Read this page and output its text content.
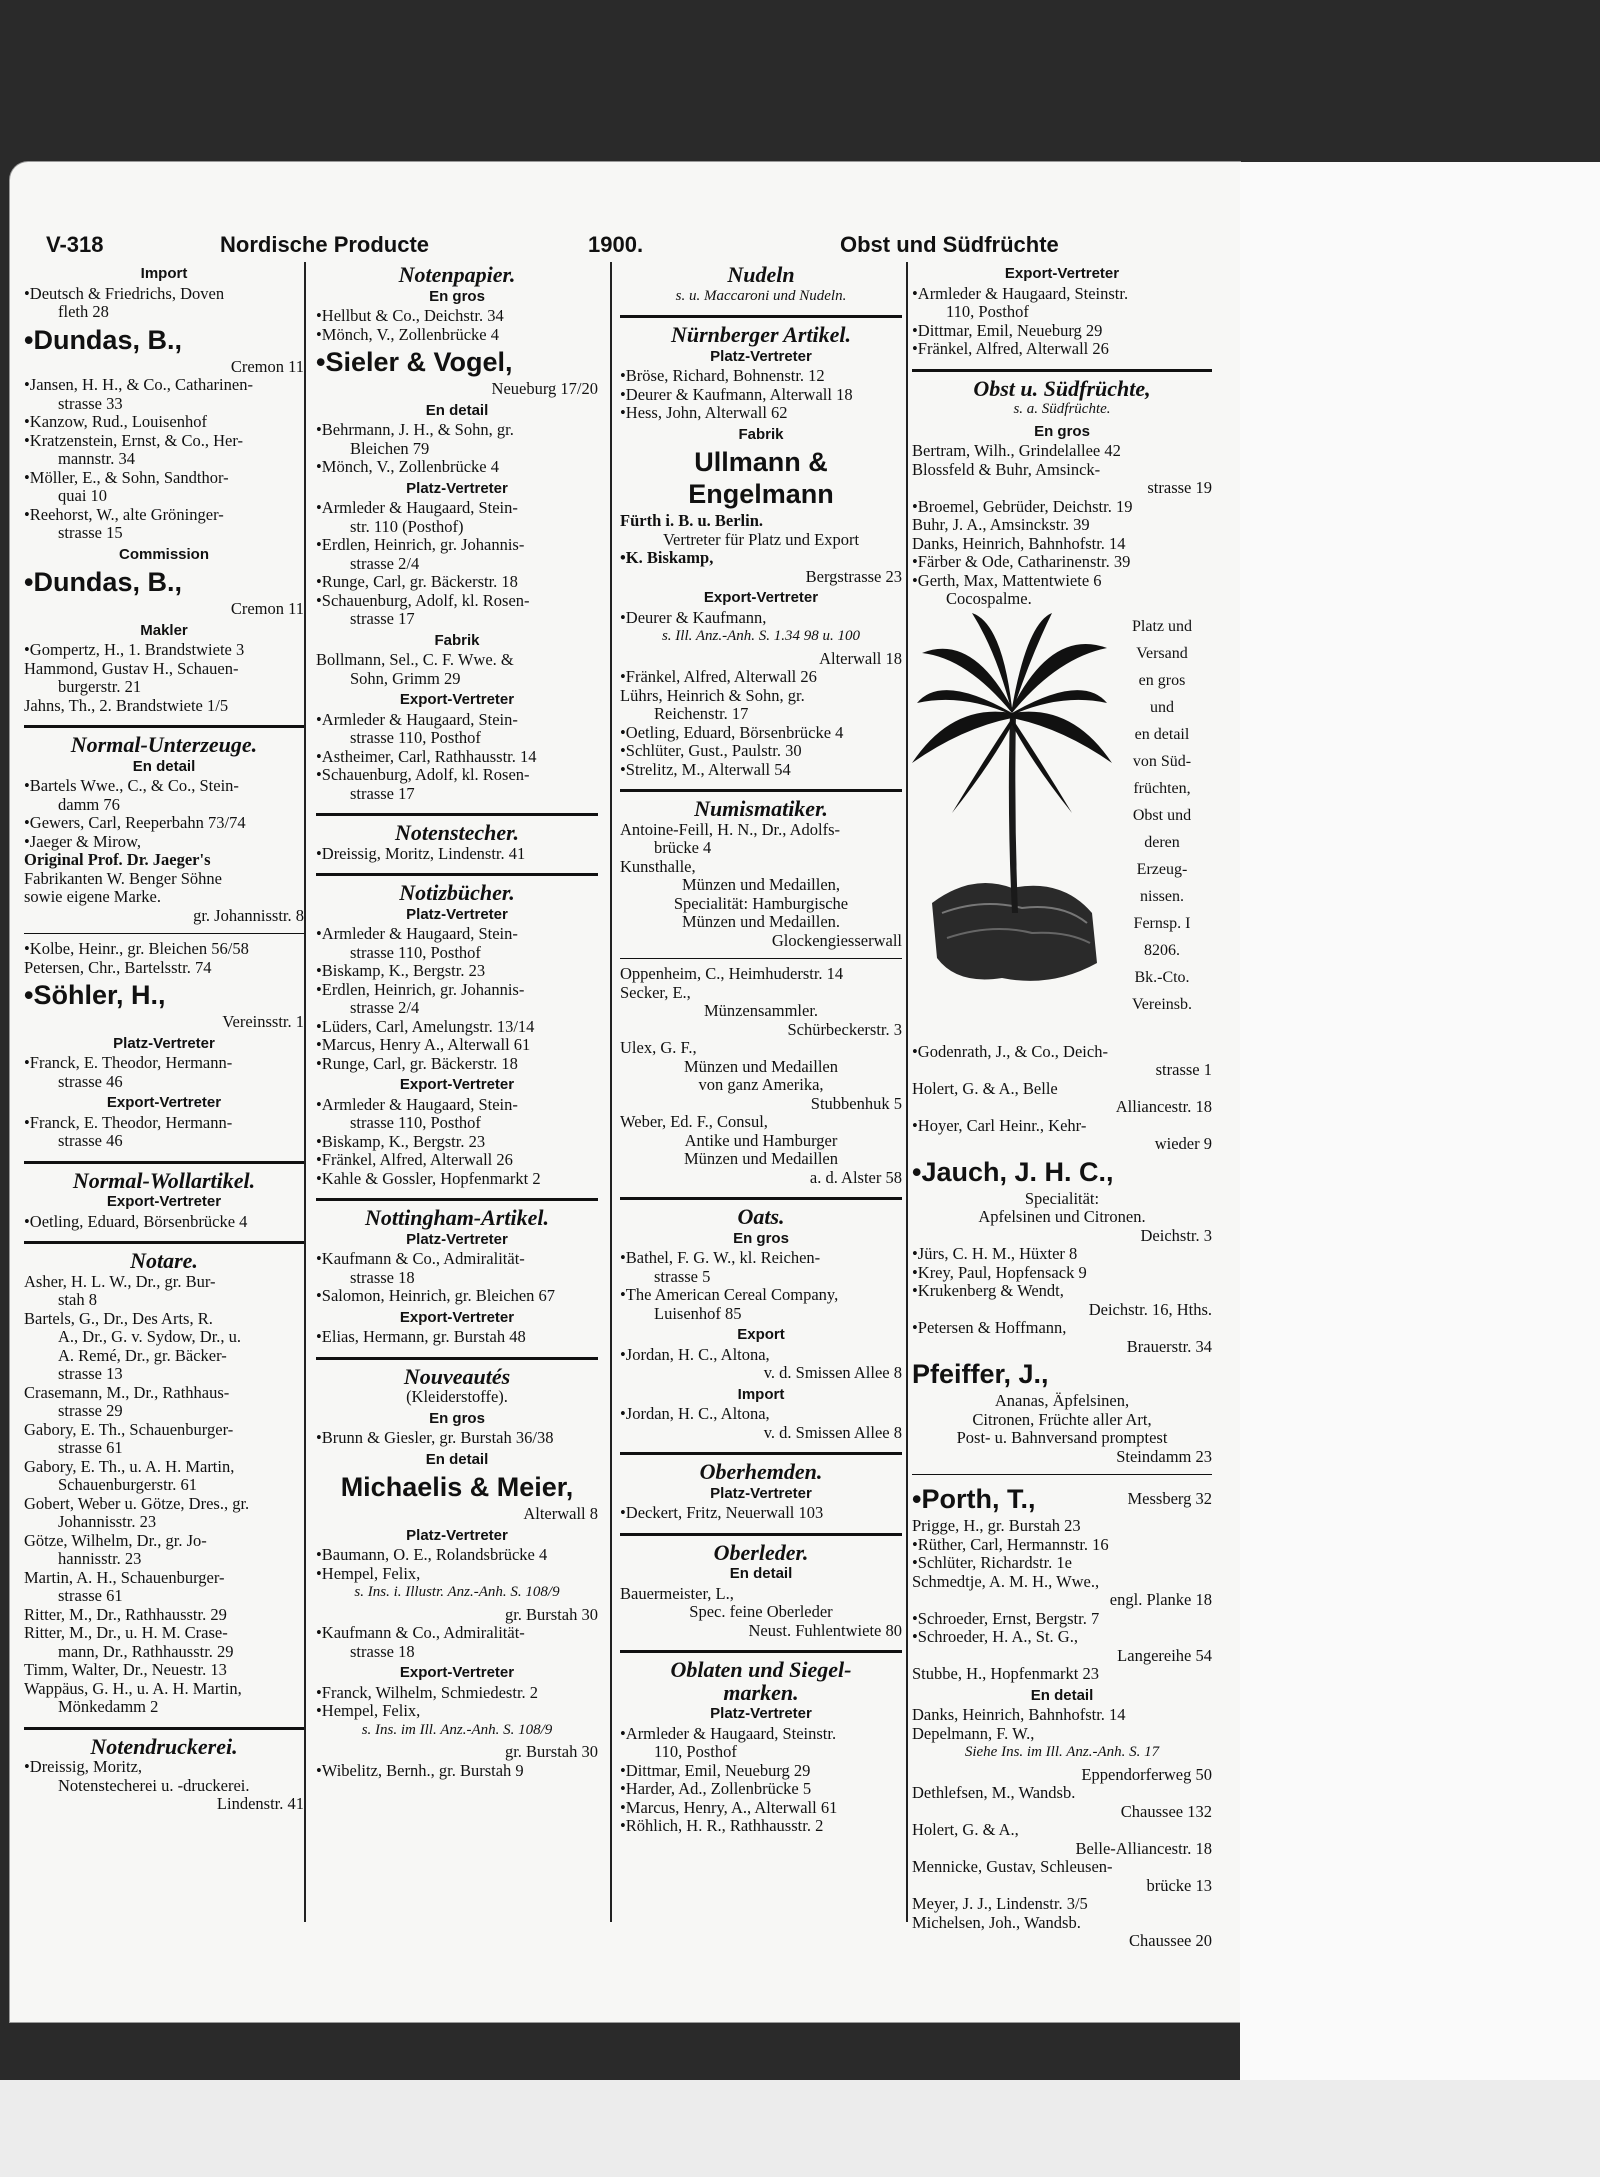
V-318	Nordische Producte	1900.	Obst und Südfrüchte
Import
•Deutsch & Friedrichs, Doven
fleth 28
•Dundas, B.,
Cremon 11
•Jansen, H. H., & Co., Catharinen-
strasse 33
•Kanzow, Rud., Louisenhof
•Kratzenstein, Ernst, & Co., Her-
mannstr. 34
•Möller, E., & Sohn, Sandthor-
quai 10
•Reehorst, W., alte Gröninger-
strasse 15
Commission
•Dundas, B.,
Cremon 11
Makler
•Gompertz, H., 1. Brandstwiete 3
Hammond, Gustav H., Schauen-
burgerstr. 21
Jahns, Th., 2. Brandstwiete 1/5
Normal-Unterzeuge.
En detail
•Bartels Wwe., C., & Co., Stein-
damm 76
•Gewers, Carl, Reeperbahn 73/74
•Jaeger & Mirow,
Original Prof. Dr. Jaeger's
Fabrikanten W. Benger Söhne
sowie eigene Marke.
gr. Johannisstr. 8
•Kolbe, Heinr., gr. Bleichen 56/58
Petersen, Chr., Bartelsstr. 74
•Söhler, H.,
Vereinsstr. 1
Platz-Vertreter
•Franck, E. Theodor, Hermann-
strasse 46
Export-Vertreter
•Franck, E. Theodor, Hermann-
strasse 46
Normal-Wollartikel.
Export-Vertreter
•Oetling, Eduard, Börsenbrücke 4
Notare.
Asher, H. L. W., Dr., gr. Bur-
stah 8
Bartels, G., Dr., Des Arts, R.
A., Dr., G. v. Sydow, Dr., u.
A. Remé, Dr., gr. Bäcker-
strasse 13
Crasemann, M., Dr., Rathhaus-
strasse 29
Gabory, E. Th., Schauenburger-
strasse 61
Gabory, E. Th., u. A. H. Martin,
Schauenburgerstr. 61
Gobert, Weber u. Götze, Dres., gr.
Johannisstr. 23
Götze, Wilhelm, Dr., gr. Jo-
hannisstr. 23
Martin, A. H., Schauenburger-
strasse 61
Ritter, M., Dr., Rathhausstr. 29
Ritter, M., Dr., u. H. M. Crase-
mann, Dr., Rathhausstr. 29
Timm, Walter, Dr., Neuestr. 13
Wappäus, G. H., u. A. H. Martin,
Mönkedamm 2
Notendruckerei.
•Dreissig, Moritz,
Notenstecherei u. -druckerei.
Lindenstr. 41
Notenpapier.
En gros
•Hellbut & Co., Deichstr. 34
•Mönch, V., Zollenbrücke 4
•Sieler & Vogel,
Neueburg 17/20
En detail
•Behrmann, J. H., & Sohn, gr.
Bleichen 79
•Mönch, V., Zollenbrücke 4
Platz-Vertreter
•Armleder & Haugaard, Stein-
str. 110 (Posthof)
•Erdlen, Heinrich, gr. Johannis-
strasse 2/4
•Runge, Carl, gr. Bäckerstr. 18
•Schauenburg, Adolf, kl. Rosen-
strasse 17
Fabrik
Bollmann, Sel., C. F. Wwe. &
Sohn, Grimm 29
Export-Vertreter
•Armleder & Haugaard, Stein-
strasse 110, Posthof
•Astheimer, Carl, Rathhausstr. 14
•Schauenburg, Adolf, kl. Rosen-
strasse 17
Notenstecher.
•Dreissig, Moritz, Lindenstr. 41
Notizbücher.
Platz-Vertreter
•Armleder & Haugaard, Stein-
strasse 110, Posthof
•Biskamp, K., Bergstr. 23
•Erdlen, Heinrich, gr. Johannis-
strasse 2/4
•Lüders, Carl, Amelungstr. 13/14
•Marcus, Henry A., Alterwall 61
•Runge, Carl, gr. Bäckerstr. 18
Export-Vertreter
•Armleder & Haugaard, Stein-
strasse 110, Posthof
•Biskamp, K., Bergstr. 23
•Fränkel, Alfred, Alterwall 26
•Kahle & Gossler, Hopfenmarkt 2
Nottingham-Artikel.
Platz-Vertreter
•Kaufmann & Co., Admiralität-
strasse 18
•Salomon, Heinrich, gr. Bleichen 67
Export-Vertreter
•Elias, Hermann, gr. Burstah 48
Nouveautés
(Kleiderstoffe).
En gros
•Brunn & Giesler, gr. Burstah 36/38
En detail
Michaelis & Meier,
Alterwall 8
Platz-Vertreter
•Baumann, O. E., Rolandsbrücke 4
•Hempel, Felix,
s. Ins. i. Illustr. Anz.-Anh. S. 108/9
gr. Burstah 30
•Kaufmann & Co., Admiralität-
strasse 18
Export-Vertreter
•Franck, Wilhelm, Schmiedestr. 2
•Hempel, Felix,
s. Ins. im Ill. Anz.-Anh. S. 108/9
gr. Burstah 30
•Wibelitz, Bernh., gr. Burstah 9
Nudeln
s. u. Maccaroni und Nudeln.
Nürnberger Artikel.
Platz-Vertreter
•Bröse, Richard, Bohnenstr. 12
•Deurer & Kaufmann, Alterwall 18
•Hess, John, Alterwall 62
Fabrik
Ullmann & Engelmann
Fürth i. B. u. Berlin.
Vertreter für Platz und Export
•K. Biskamp,
Bergstrasse 23
Export-Vertreter
•Deurer & Kaufmann,
s. Ill. Anz.-Anh. S. 1.34 98 u. 100
Alterwall 18
•Fränkel, Alfred, Alterwall 26
Lührs, Heinrich & Sohn, gr.
Reichenstr. 17
•Oetling, Eduard, Börsenbrücke 4
•Schlüter, Gust., Paulstr. 30
•Strelitz, M., Alterwall 54
Numismatiker.
Antoine-Feill, H. N., Dr., Adolfs-
brücke 4
Kunsthalle,
Münzen und Medaillen,
Specialität: Hamburgische
Münzen und Medaillen.
Glockengiesserwall
Oppenheim, C., Heimhuderstr. 14
Secker, E.,
Münzensammler.
Schürbeckerstr. 3
Ulex, G. F.,
Münzen und Medaillen
von ganz Amerika,
Stubbenhuk 5
Weber, Ed. F., Consul,
Antike und Hamburger
Münzen und Medaillen
a. d. Alster 58
Oats.
En gros
•Bathel, F. G. W., kl. Reichen-
strasse 5
•The American Cereal Company,
Luisenhof 85
Export
•Jordan, H. C., Altona,
v. d. Smissen Allee 8
Import
•Jordan, H. C., Altona,
v. d. Smissen Allee 8
Oberhemden.
Platz-Vertreter
•Deckert, Fritz, Neuerwall 103
Oberleder.
En detail
Bauermeister, L.,
Spec. feine Oberleder
Neust. Fuhlentwiete 80
Oblaten und Siegel-
marken.
Platz-Vertreter
•Armleder & Haugaard, Steinstr.
110, Posthof
•Dittmar, Emil, Neueburg 29
•Harder, Ad., Zollenbrücke 5
•Marcus, Henry, A., Alterwall 61
•Röhlich, H. R., Rathhausstr. 2
Export-Vertreter
•Armleder & Haugaard, Steinstr.
110, Posthof
•Dittmar, Emil, Neueburg 29
•Fränkel, Alfred, Alterwall 26
Obst u. Südfrüchte,
s. a. Südfrüchte.
En gros
Bertram, Wilh., Grindelallee 42
Blossfeld & Buhr, Amsinck-
strasse 19
•Broemel, Gebrüder, Deichstr. 19
Buhr, J. A., Amsinckstr. 39
Danks, Heinrich, Bahnhofstr. 14
•Färber & Ode, Catharinenstr. 39
•Gerth, Max, Mattentwiete 6
Cocospalme.
Platz und
Versand
en gros
und
en detail
von Süd-
früchten,
Obst und
deren
Erzeug-
nissen.
Fernsp. I
8206.
Bk.-Cto.
Vereinsb.
•Godenrath, J., & Co., Deich-
strasse 1
Holert, G. & A., Belle
Alliancestr. 18
•Hoyer, Carl Heinr., Kehr-
wieder 9
•Jauch, J. H. C.,
Specialität:
Apfelsinen und Citronen.
Deichstr. 3
•Jürs, C. H. M., Hüxter 8
•Krey, Paul, Hopfensack 9
•Krukenberg & Wendt,
Deichstr. 16, Hths.
•Petersen & Hoffmann,
Brauerstr. 34
Pfeiffer, J.,
Ananas, Äpfelsinen,
Citronen, Früchte aller Art,
Post- u. Bahnversand promptest
Steindamm 23
•Porth, T.,	Messberg 32
Prigge, H., gr. Burstah 23
•Rüther, Carl, Hermannstr. 16
•Schlüter, Richardstr. 1e
Schmedtje, A. M. H., Wwe.,
engl. Planke 18
•Schroeder, Ernst, Bergstr. 7
•Schroeder, H. A., St. G.,
Langereihe 54
Stubbe, H., Hopfenmarkt 23
En detail
Danks, Heinrich, Bahnhofstr. 14
Depelmann, F. W.,
Siehe Ins. im Ill. Anz.-Anh. S. 17
Eppendorferweg 50
Dethlefsen, M., Wandsb.
Chaussee 132
Holert, G. & A.,
Belle-Alliancestr. 18
Mennicke, Gustav, Schleusen-
brücke 13
Meyer, J. J., Lindenstr. 3/5
Michelsen, Joh., Wandsb.
Chaussee 20
